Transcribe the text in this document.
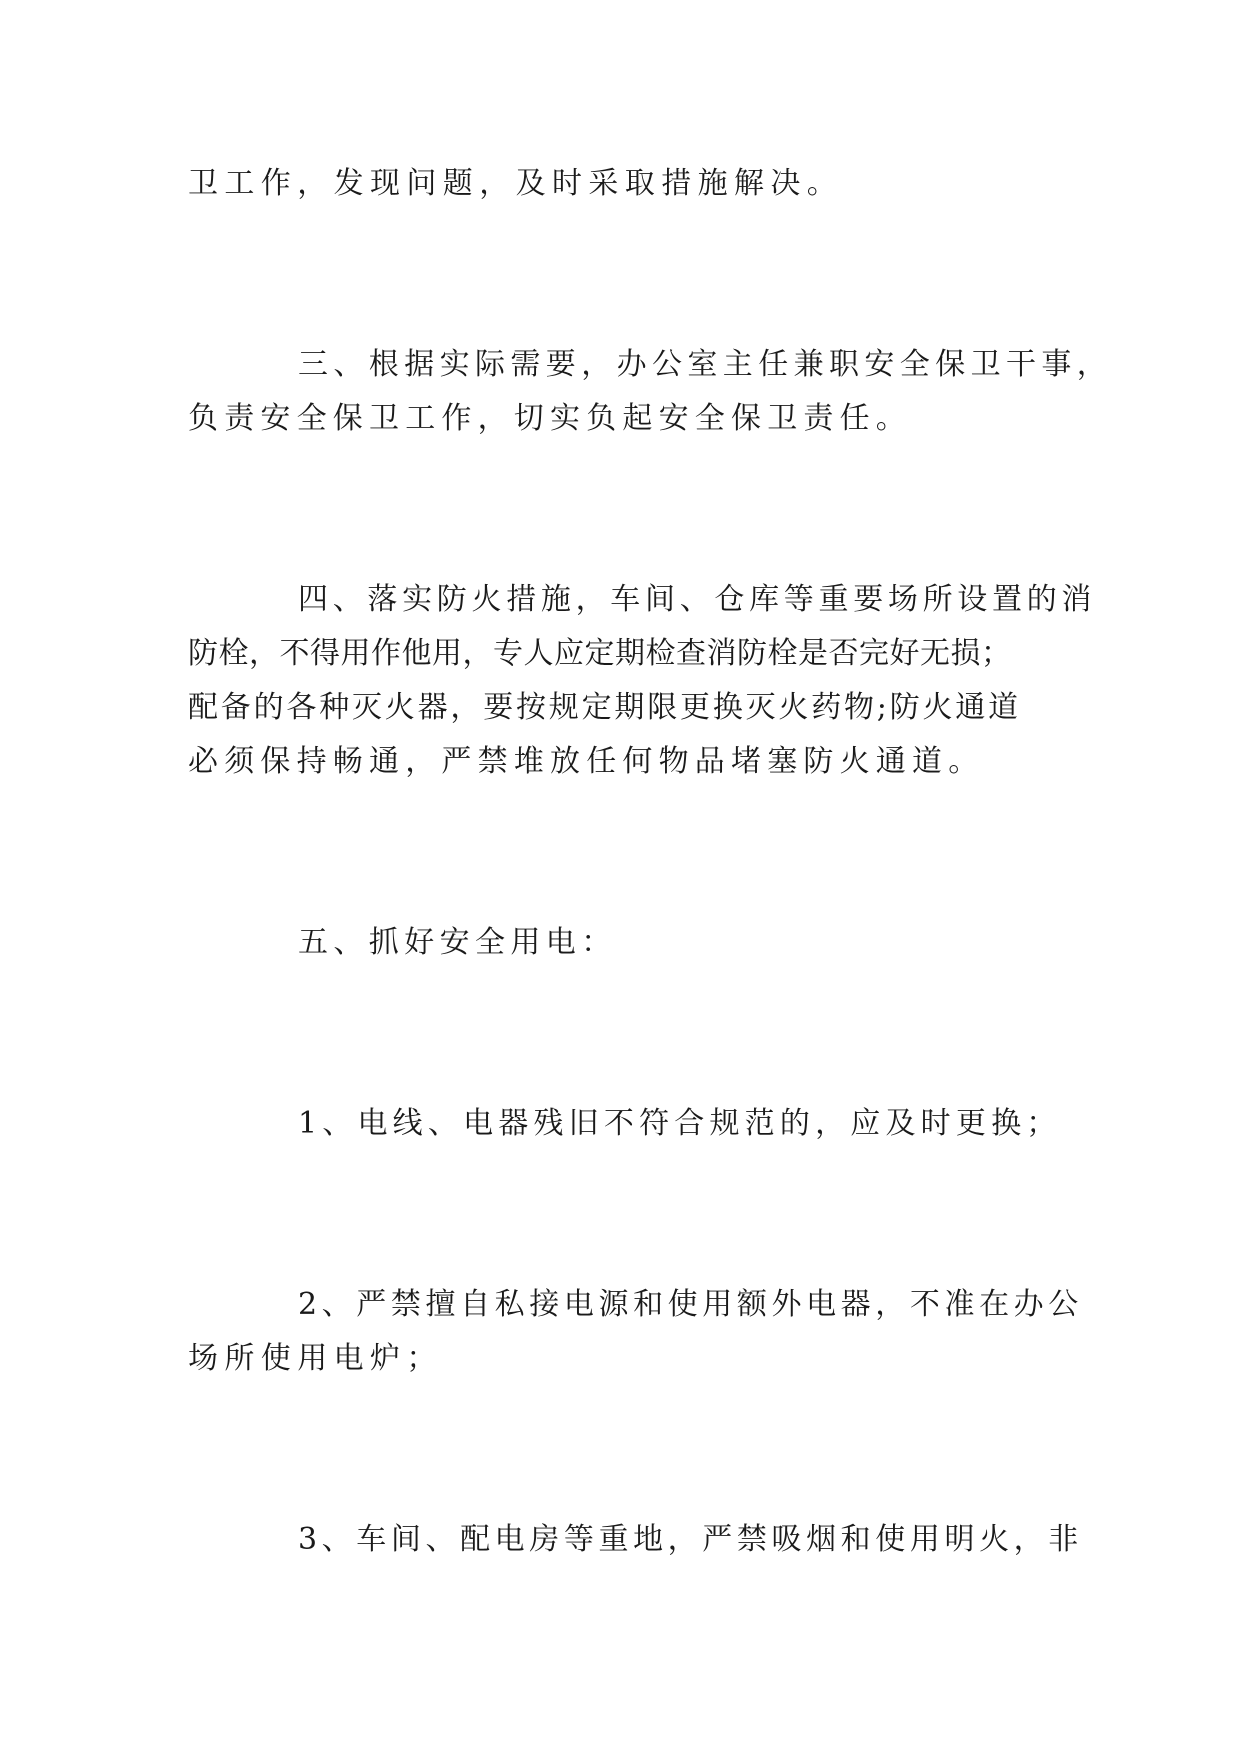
卫工作，发现问题，及时采取措施解决。
三、根据实际需要，办公室主任兼职安全保卫干事，
负责安全保卫工作，切实负起安全保卫责任。
四、落实防火措施，车间、仓库等重要场所设置的消
防栓，不得用作他用，专人应定期检查消防栓是否完好无损；
配备的各种灭火器，要按规定期限更换灭火药物;防火通道
必须保持畅通，严禁堆放任何物品堵塞防火通道。
五、抓好安全用电：
1、电线、电器残旧不符合规范的，应及时更换；
2、严禁擅自私接电源和使用额外电器，不准在办公
场所使用电炉；
3、车间、配电房等重地，严禁吸烟和使用明火，非
